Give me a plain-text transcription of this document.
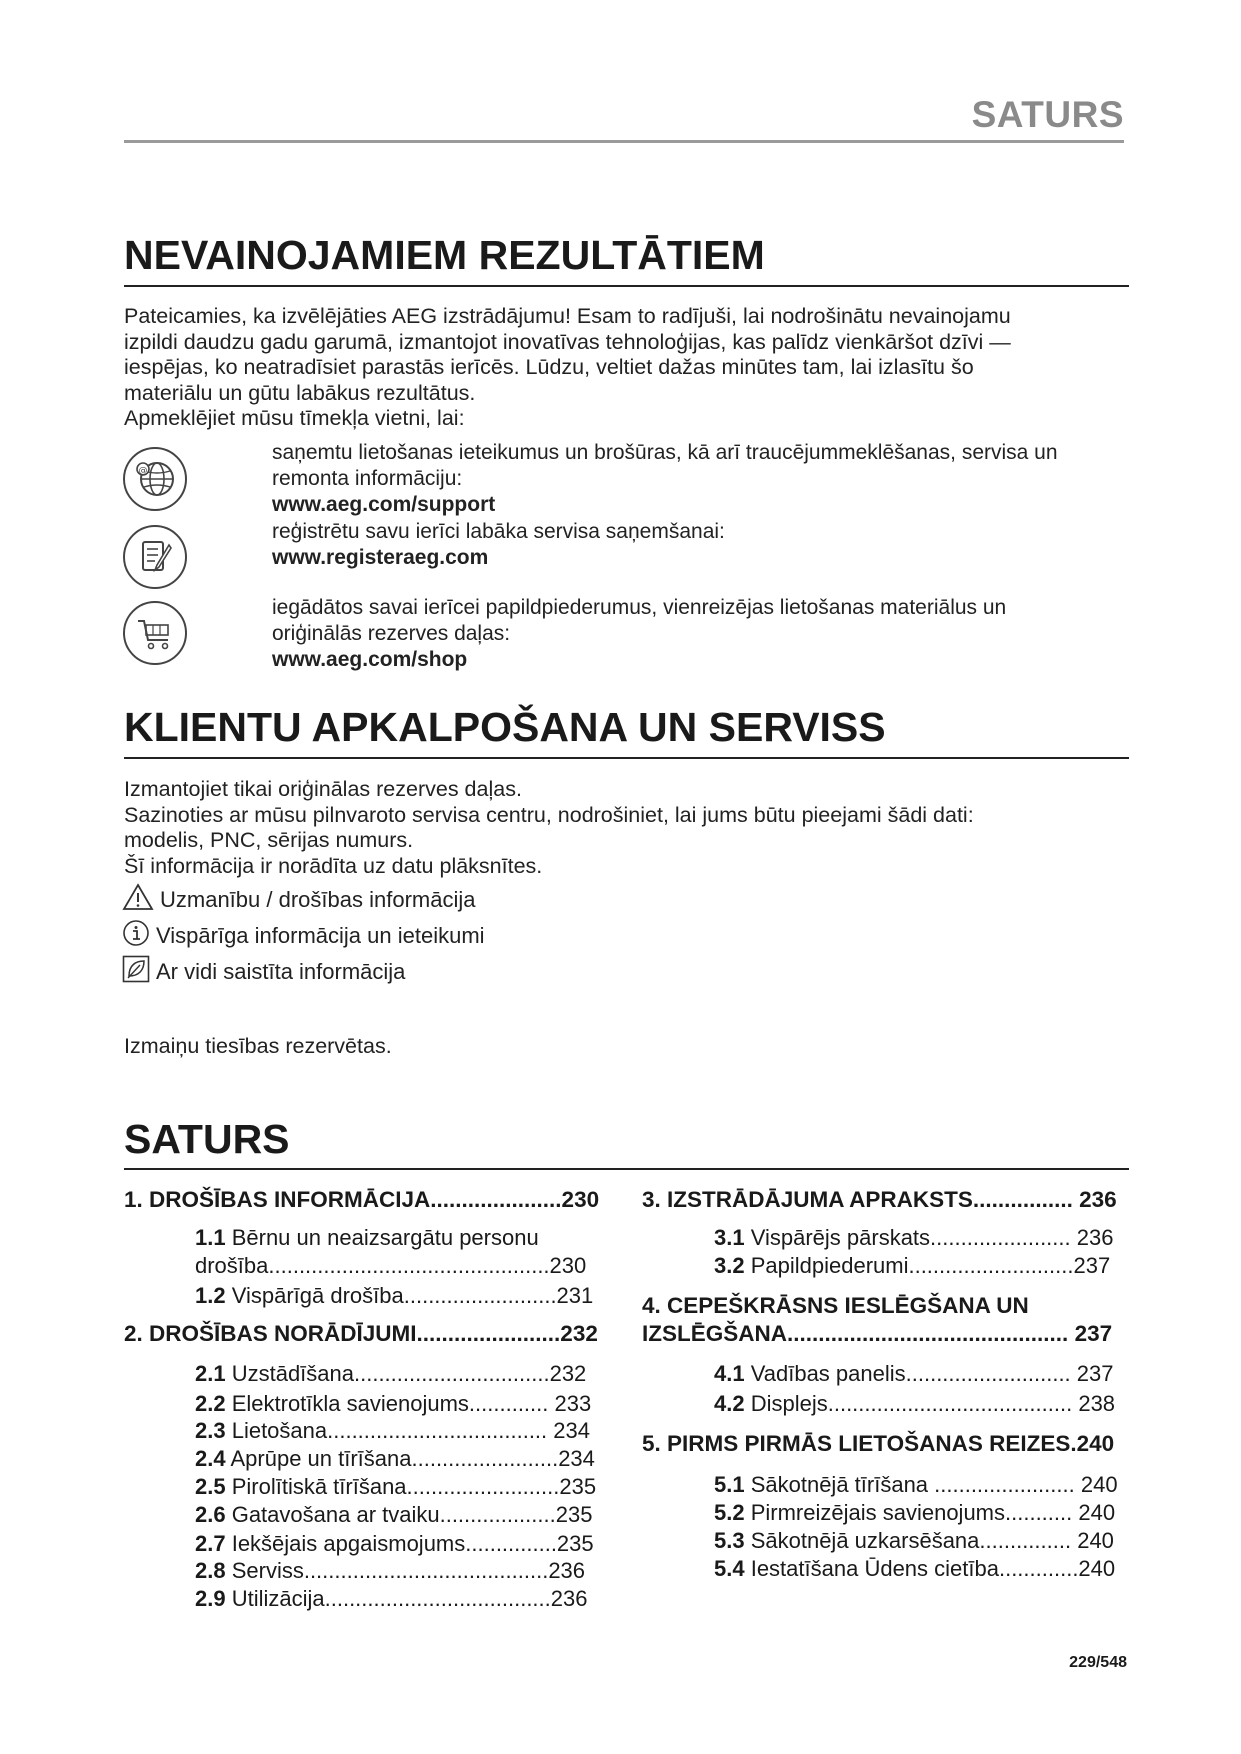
SATURS
NEVAINOJAMIEM REZULTĀTIEM
Pateicamies, ka izvēlējāties AEG izstrādājumu! Esam to radījuši, lai nodrošinātu nevainojamu
izpildi daudzu gadu garumā, izmantojot inovatīvas tehnoloģijas, kas palīdz vienkāršot dzīvi —
iespējas, ko neatradīsiet parastās ierīcēs. Lūdzu, veltiet dažas minūtes tam, lai izlasītu šo
materiālu un gūtu labākus rezultātus.
Apmeklējiet mūsu tīmekļa vietni, lai:
@
saņemtu lietošanas ieteikumus un brošūras, kā arī traucējummeklēšanas, servisa un
remonta informāciju:
www.aeg.com/support
reģistrētu savu ierīci labāka servisa saņemšanai:
www.registeraeg.com
iegādātos savai ierīcei papildpiederumus, vienreizējas lietošanas materiālus un
oriģinālās rezerves daļas:
www.aeg.com/shop
KLIENTU APKALPOŠANA UN SERVISS
Izmantojiet tikai oriģinālas rezerves daļas.
Sazinoties ar mūsu pilnvaroto servisa centru, nodrošiniet, lai jums būtu pieejami šādi dati:
modelis, PNC, sērijas numurs.
Šī informācija ir norādīta uz datu plāksnītes.
Uzmanību / drošības informācija
Vispārīga informācija un ieteikumi
Ar vidi saistīta informācija
Izmaiņu tiesības rezervētas.
SATURS
1. DROŠĪBAS INFORMĀCIJA.....................230
1.1 Bērnu un neaizsargātu personu
drošība..............................................230
1.2 Vispārīgā drošība.........................231
2. DROŠĪBAS NORĀDĪJUMI.......................232
2.1 Uzstādīšana................................232
2.2 Elektrotīkla savienojums............. 233
2.3 Lietošana.................................... 234
2.4 Aprūpe un tīrīšana........................234
2.5 Pirolītiskā tīrīšana.........................235
2.6 Gatavošana ar tvaiku...................235
2.7 Iekšējais apgaismojums...............235
2.8 Serviss........................................236
2.9 Utilizācija.....................................236
3. IZSTRĀDĀJUMA APRAKSTS................ 236
3.1 Vispārējs pārskats....................... 236
3.2 Papildpiederumi...........................237
4. CEPEŠKRĀSNS IESLĒGŠANA UN
IZSLĒGŠANA............................................. 237
4.1 Vadības panelis........................... 237
4.2 Displejs........................................ 238
5. PIRMS PIRMĀS LIETOŠANAS REIZES.240
5.1 Sākotnējā tīrīšana ....................... 240
5.2 Pirmreizējais savienojums........... 240
5.3 Sākotnējā uzkarsēšana............... 240
5.4 Iestatīšana Ūdens cietība.............240
229/548
